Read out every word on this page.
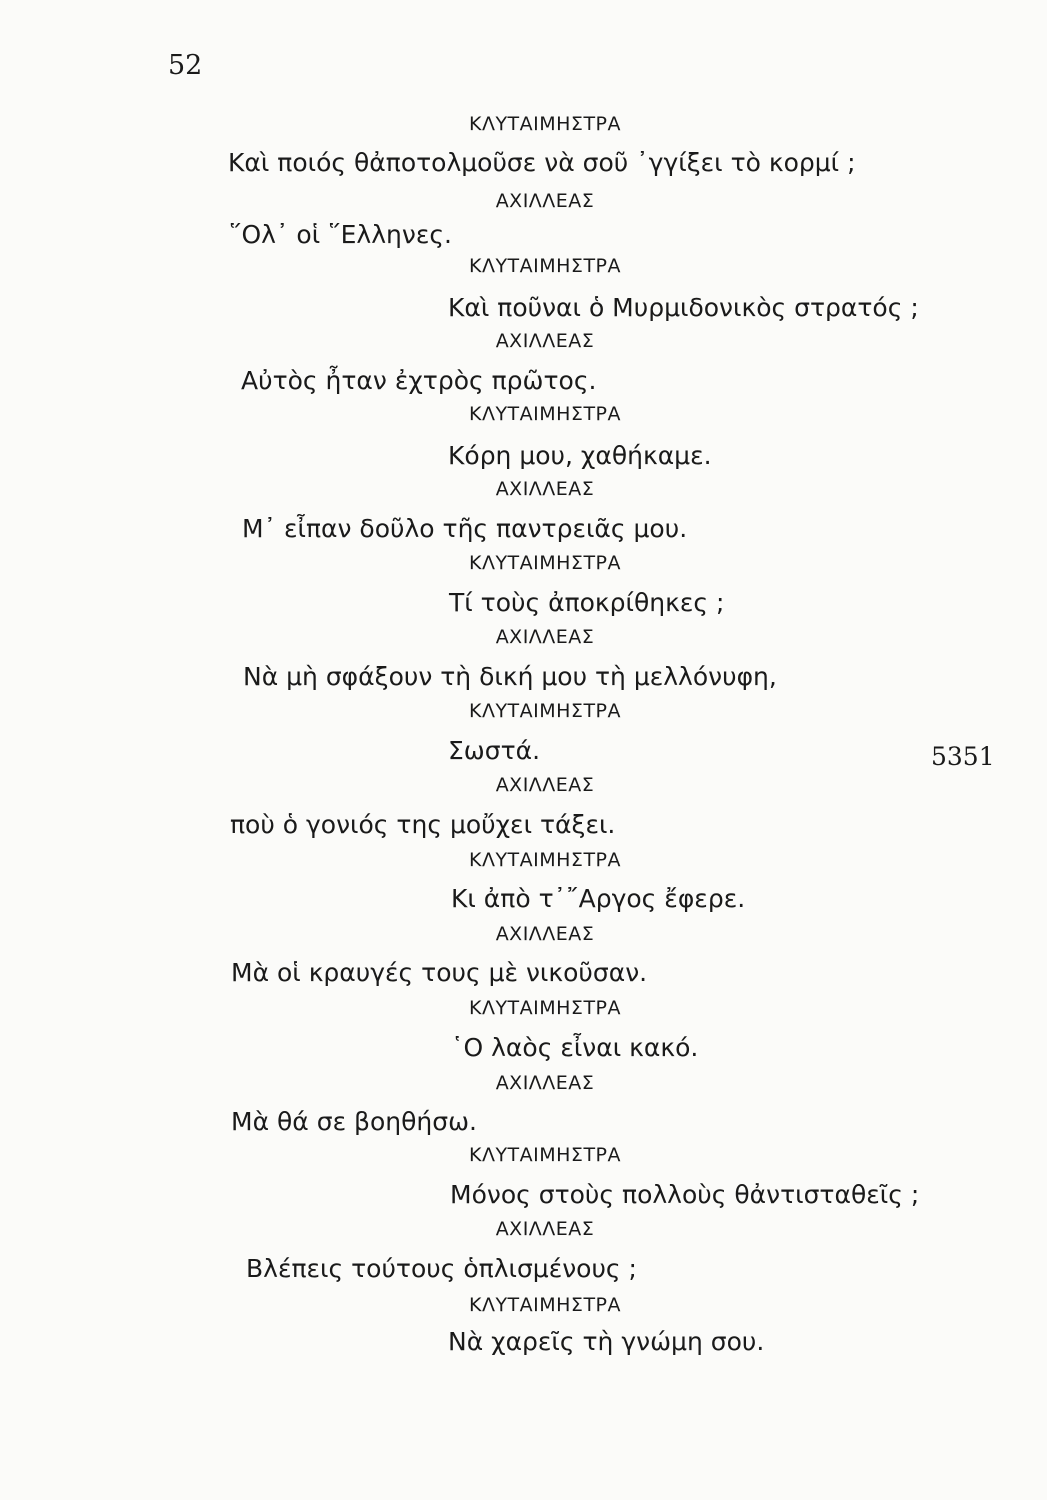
52
ΚΛΥΤΑΙΜΗΣΤΡΑ
Καὶ ποιός θἀποτολμοῦσε νὰ σοῦ ᾿γγίξει τὸ κορμί ;
ΑΧΙΛΛΕΑΣ
῞Ολ᾿ οἱ ῞Ελληνες.
ΚΛΥΤΑΙΜΗΣΤΡΑ
Καὶ ποῦναι ὁ Μυρμιδονικὸς στρατός ;
ΑΧΙΛΛΕΑΣ
Αὐτὸς ἦταν ἐχτρὸς πρῶτος.
ΚΛΥΤΑΙΜΗΣΤΡΑ
Κόρη μου, χαθήκαμε.
ΑΧΙΛΛΕΑΣ
Μ᾿ εἶπαν δοῦλο τῆς παντρειᾶς μου.
ΚΛΥΤΑΙΜΗΣΤΡΑ
Τί τοὺς ἀποκρίθηκες ;
ΑΧΙΛΛΕΑΣ
Νὰ μὴ σφάξουν τὴ δική μου τὴ μελλόνυφη,
ΚΛΥΤΑΙΜΗΣΤΡΑ
Σωστά.	5351
ΑΧΙΛΛΕΑΣ
ποὺ ὁ γονιός της μοὔχει τάξει.
ΚΛΥΤΑΙΜΗΣΤΡΑ
Κι ἀπὸ τ᾿῎Αργος ἔφερε.
ΑΧΙΛΛΕΑΣ
Μὰ οἱ κραυγές τους μὲ νικοῦσαν.
ΚΛΥΤΑΙΜΗΣΤΡΑ
῾Ο λαὸς εἶναι κακό.
ΑΧΙΛΛΕΑΣ
Μὰ θά σε βοηθήσω.
ΚΛΥΤΑΙΜΗΣΤΡΑ
Μόνος στοὺς πολλοὺς θἀντισταθεῖς ;
ΑΧΙΛΛΕΑΣ
Βλέπεις τούτους ὁπλισμένους ;
ΚΛΥΤΑΙΜΗΣΤΡΑ
Νὰ χαρεῖς τὴ γνώμη σου.
